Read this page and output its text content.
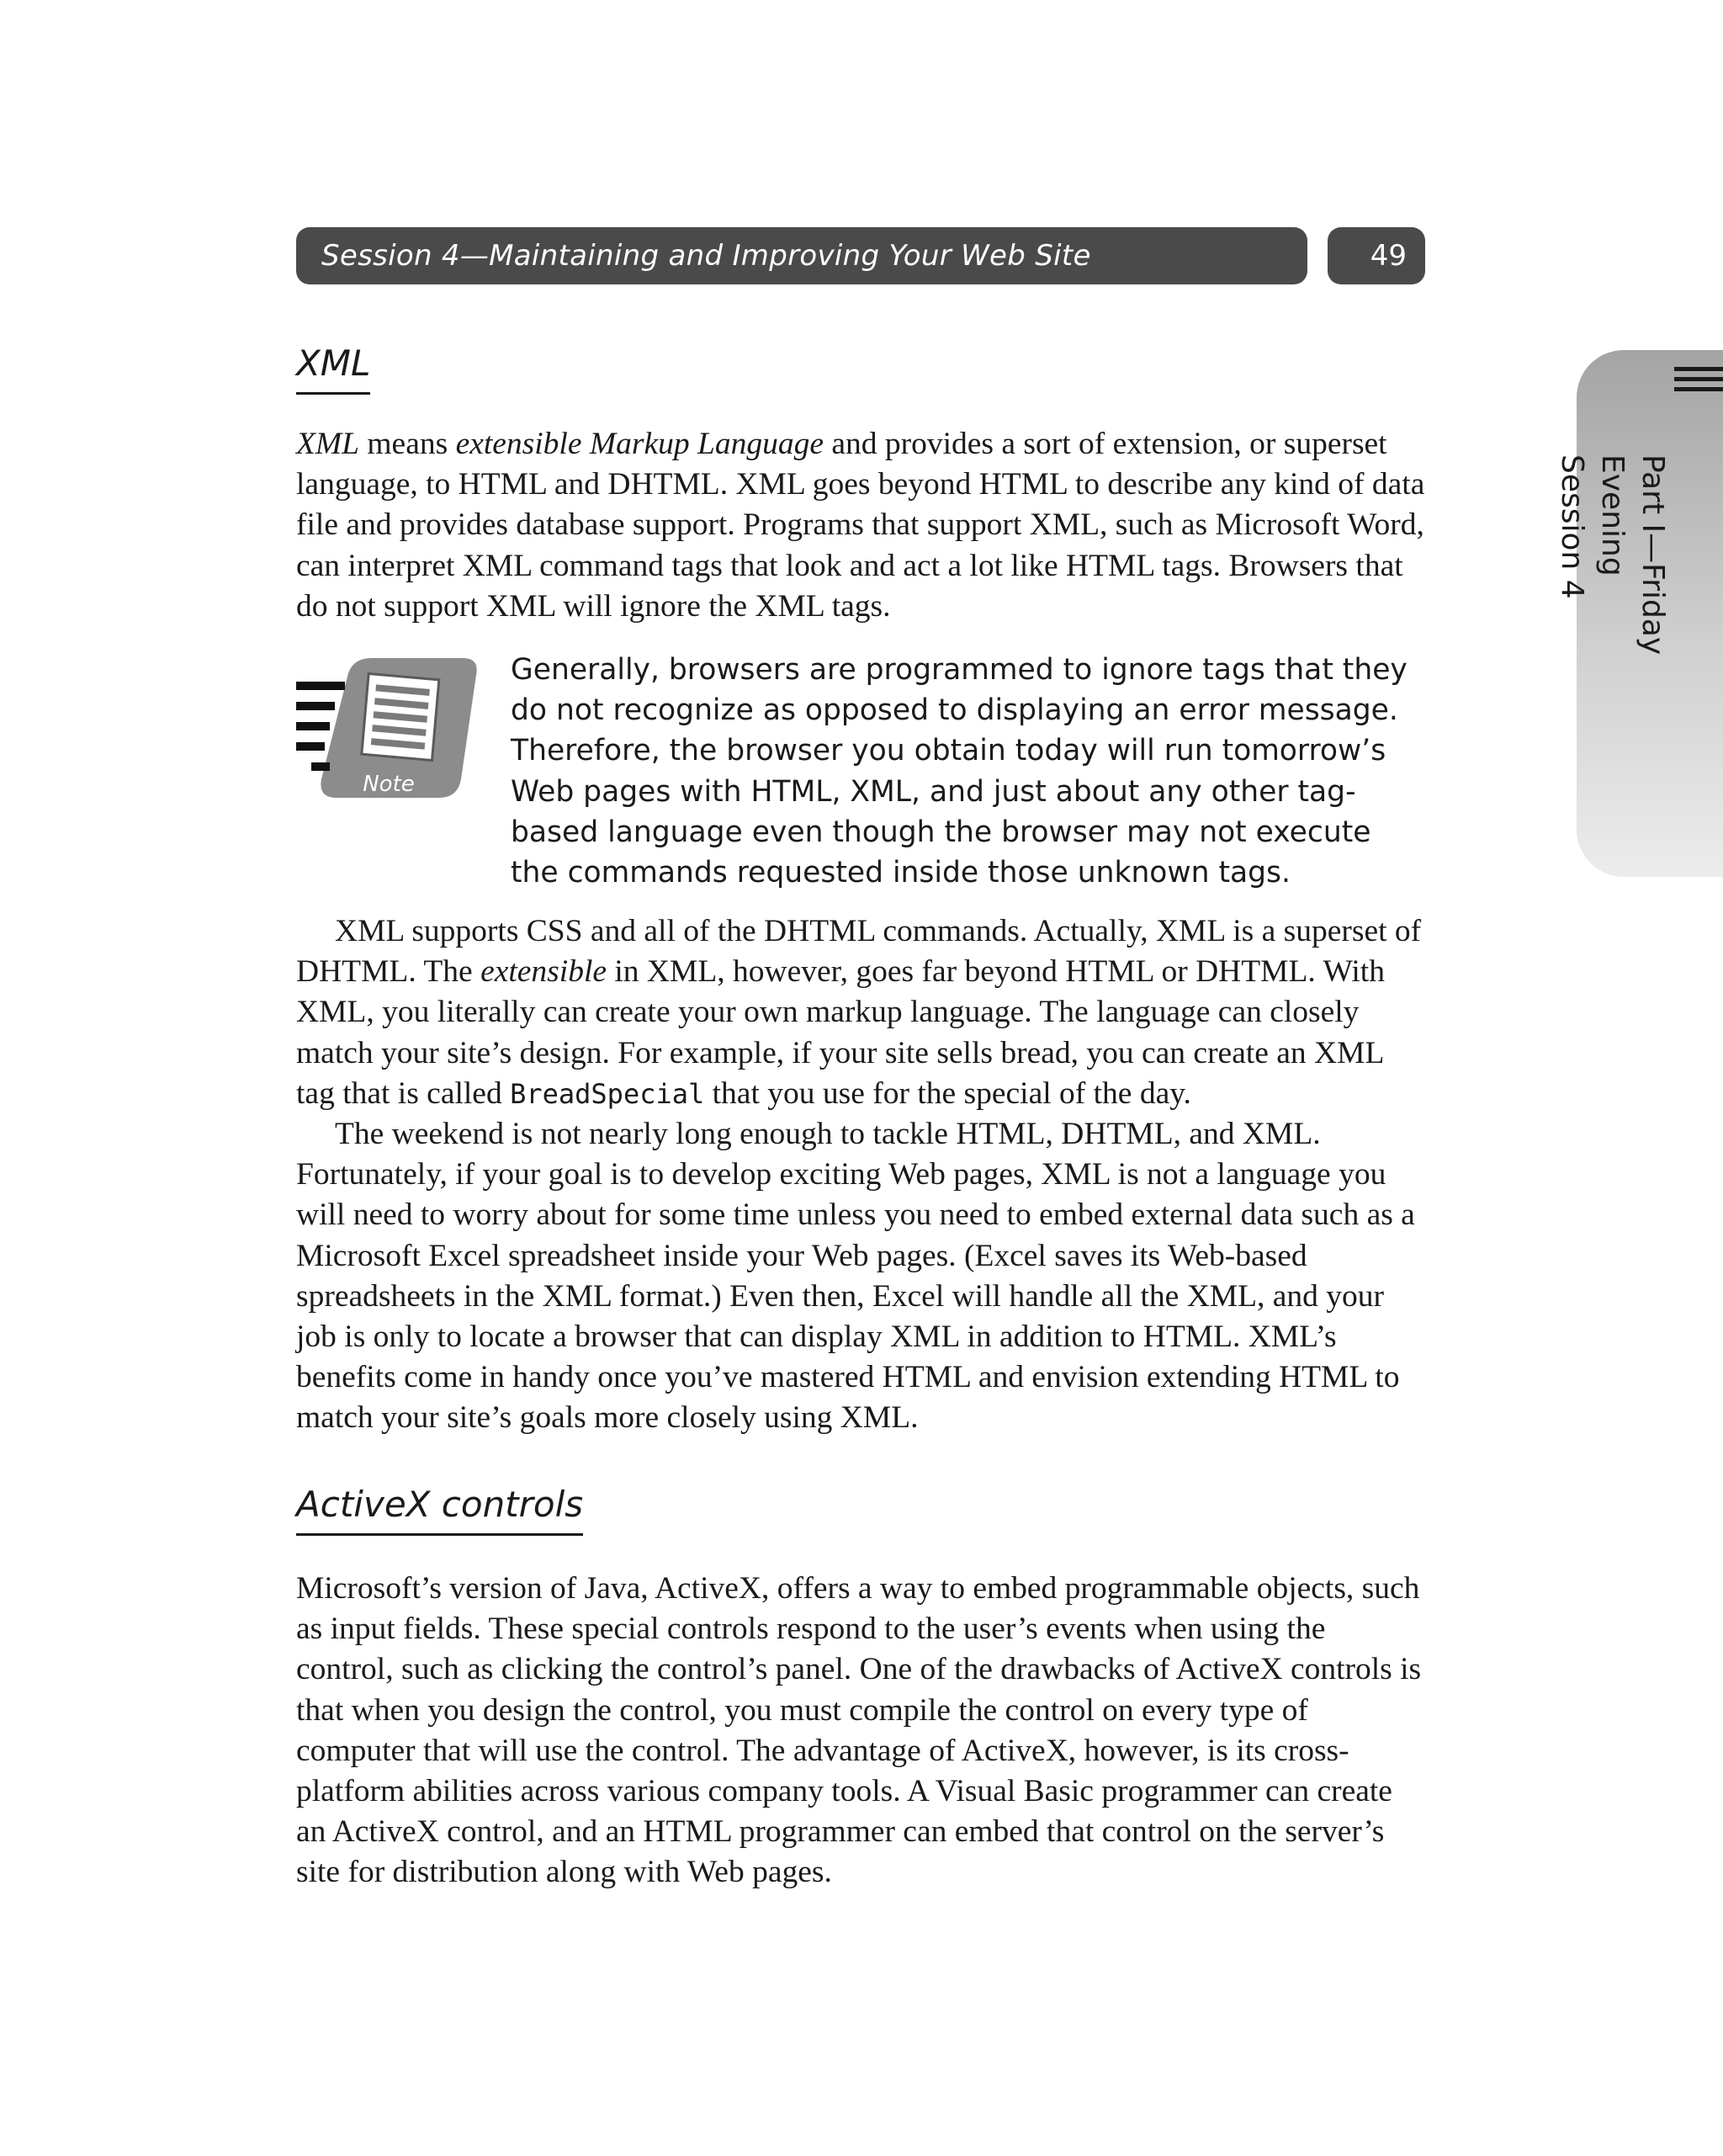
Session 4—Maintaining and Improving Your Web Site	49
Part I—Friday Evening
Session 4
XML

XML means extensible Markup Language and provides a sort of extension, or superset language, to HTML and DHTML. XML goes beyond HTML to describe any kind of data file and provides database support. Programs that support XML, such as Microsoft Word, can interpret XML command tags that look and act a lot like HTML tags. Browsers that do not support XML will ignore the XML tags.

Note
Generally, browsers are programmed to ignore tags that they do not recognize as opposed to displaying an error message. Therefore, the browser you obtain today will run tomorrow’s Web pages with HTML, XML, and just about any other tag-based language even though the browser may not execute the commands requested inside those unknown tags.

XML supports CSS and all of the DHTML commands. Actually, XML is a superset of DHTML. The extensible in XML, however, goes far beyond HTML or DHTML. With XML, you literally can create your own markup language. The language can closely match your site’s design. For example, if your site sells bread, you can create an XML tag that is called BreadSpecial that you use for the special of the day.

The weekend is not nearly long enough to tackle HTML, DHTML, and XML. Fortunately, if your goal is to develop exciting Web pages, XML is not a language you will need to worry about for some time unless you need to embed external data such as a Microsoft Excel spreadsheet inside your Web pages. (Excel saves its Web-based spreadsheets in the XML format.) Even then, Excel will handle all the XML, and your job is only to locate a browser that can display XML in addition to HTML. XML’s benefits come in handy once you’ve mastered HTML and envision extending HTML to match your site’s goals more closely using XML.

ActiveX controls

Microsoft’s version of Java, ActiveX, offers a way to embed programmable objects, such as input fields. These special controls respond to the user’s events when using the control, such as clicking the control’s panel. One of the drawbacks of ActiveX controls is that when you design the control, you must compile the control on every type of computer that will use the control. The advantage of ActiveX, however, is its cross-platform abilities across various company tools. A Visual Basic programmer can create an ActiveX control, and an HTML programmer can embed that control on the server’s site for distribution along with Web pages.
